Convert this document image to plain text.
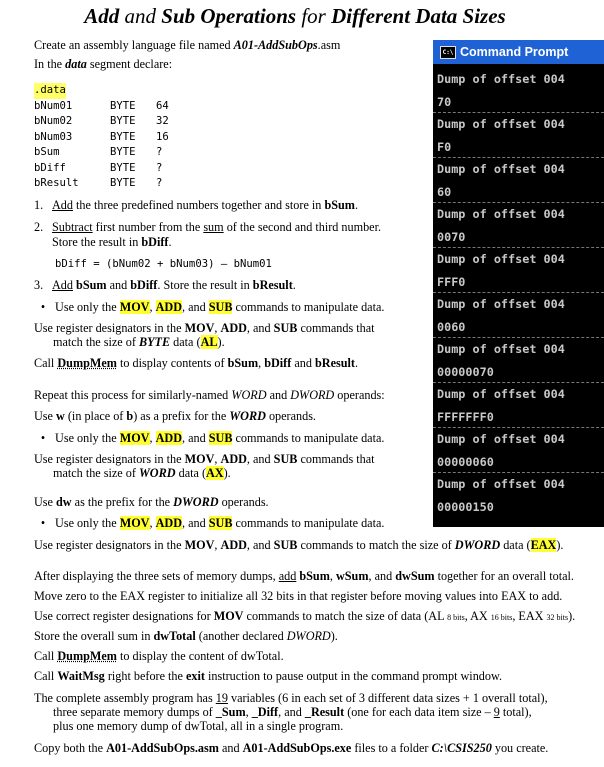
Add and Sub Operations for Different Data Sizes
Create an assembly language file named A01-AddSubOps.asm
In the data segment declare:
.data
bNum01	BYTE 64
bNum02	BYTE 32
bNum03	BYTE 16
bSum	BYTE ?
bDiff	BYTE ?
bResult	BYTE ?
1. Add the three predefined numbers together and store in bSum.
2. Subtract first number from the sum of the second and third number.
Store the result in bDiff.
bDiff = (bNum02 + bNum03) – bNum01
3. Add bSum and bDiff. Store the result in bResult.
• Use only the MOV, ADD, and SUB commands to manipulate data.
Use register designators in the MOV, ADD, and SUB commands that
match the size of BYTE data (AL).
Call DumpMem to display contents of bSum, bDiff and bResult.
Repeat this process for similarly-named WORD and DWORD operands:
Use w (in place of b) as a prefix for the WORD operands.
• Use only the MOV, ADD, and SUB commands to manipulate data.
Use register designators in the MOV, ADD, and SUB commands that
match the size of WORD data (AX).
Use dw as the prefix for the DWORD operands.
• Use only the MOV, ADD, and SUB commands to manipulate data.
Use register designators in the MOV, ADD, and SUB commands to match the size of DWORD data (EAX).
After displaying the three sets of memory dumps, add bSum, wSum, and dwSum together for an overall total.
Move zero to the EAX register to initialize all 32 bits in that register before moving values into EAX to add.
Use correct register designations for MOV commands to match the size of data (AL 8 bits, AX 16 bits, EAX 32 bits).
Store the overall sum in dwTotal (another declared DWORD).
Call DumpMem to display the content of dwTotal.
Call WaitMsg right before the exit instruction to pause output in the command prompt window.
The complete assembly program has 19 variables (6 in each set of 3 different data sizes + 1 overall total),
three separate memory dumps of _Sum, _Diff, and _Result (one for each data item size – 9 total),
plus one memory dump of dwTotal, all in a single program.
Copy both the A01-AddSubOps.asm and A01-AddSubOps.exe files to a folder C:\CSIS250 you create.
C:\ Command Prompt
Dump of offset 004
70
Dump of offset 004
F0
Dump of offset 004
60
Dump of offset 004
0070
Dump of offset 004
FFF0
Dump of offset 004
0060
Dump of offset 004
00000070
Dump of offset 004
FFFFFFF0
Dump of offset 004
00000060
Dump of offset 004
00000150
